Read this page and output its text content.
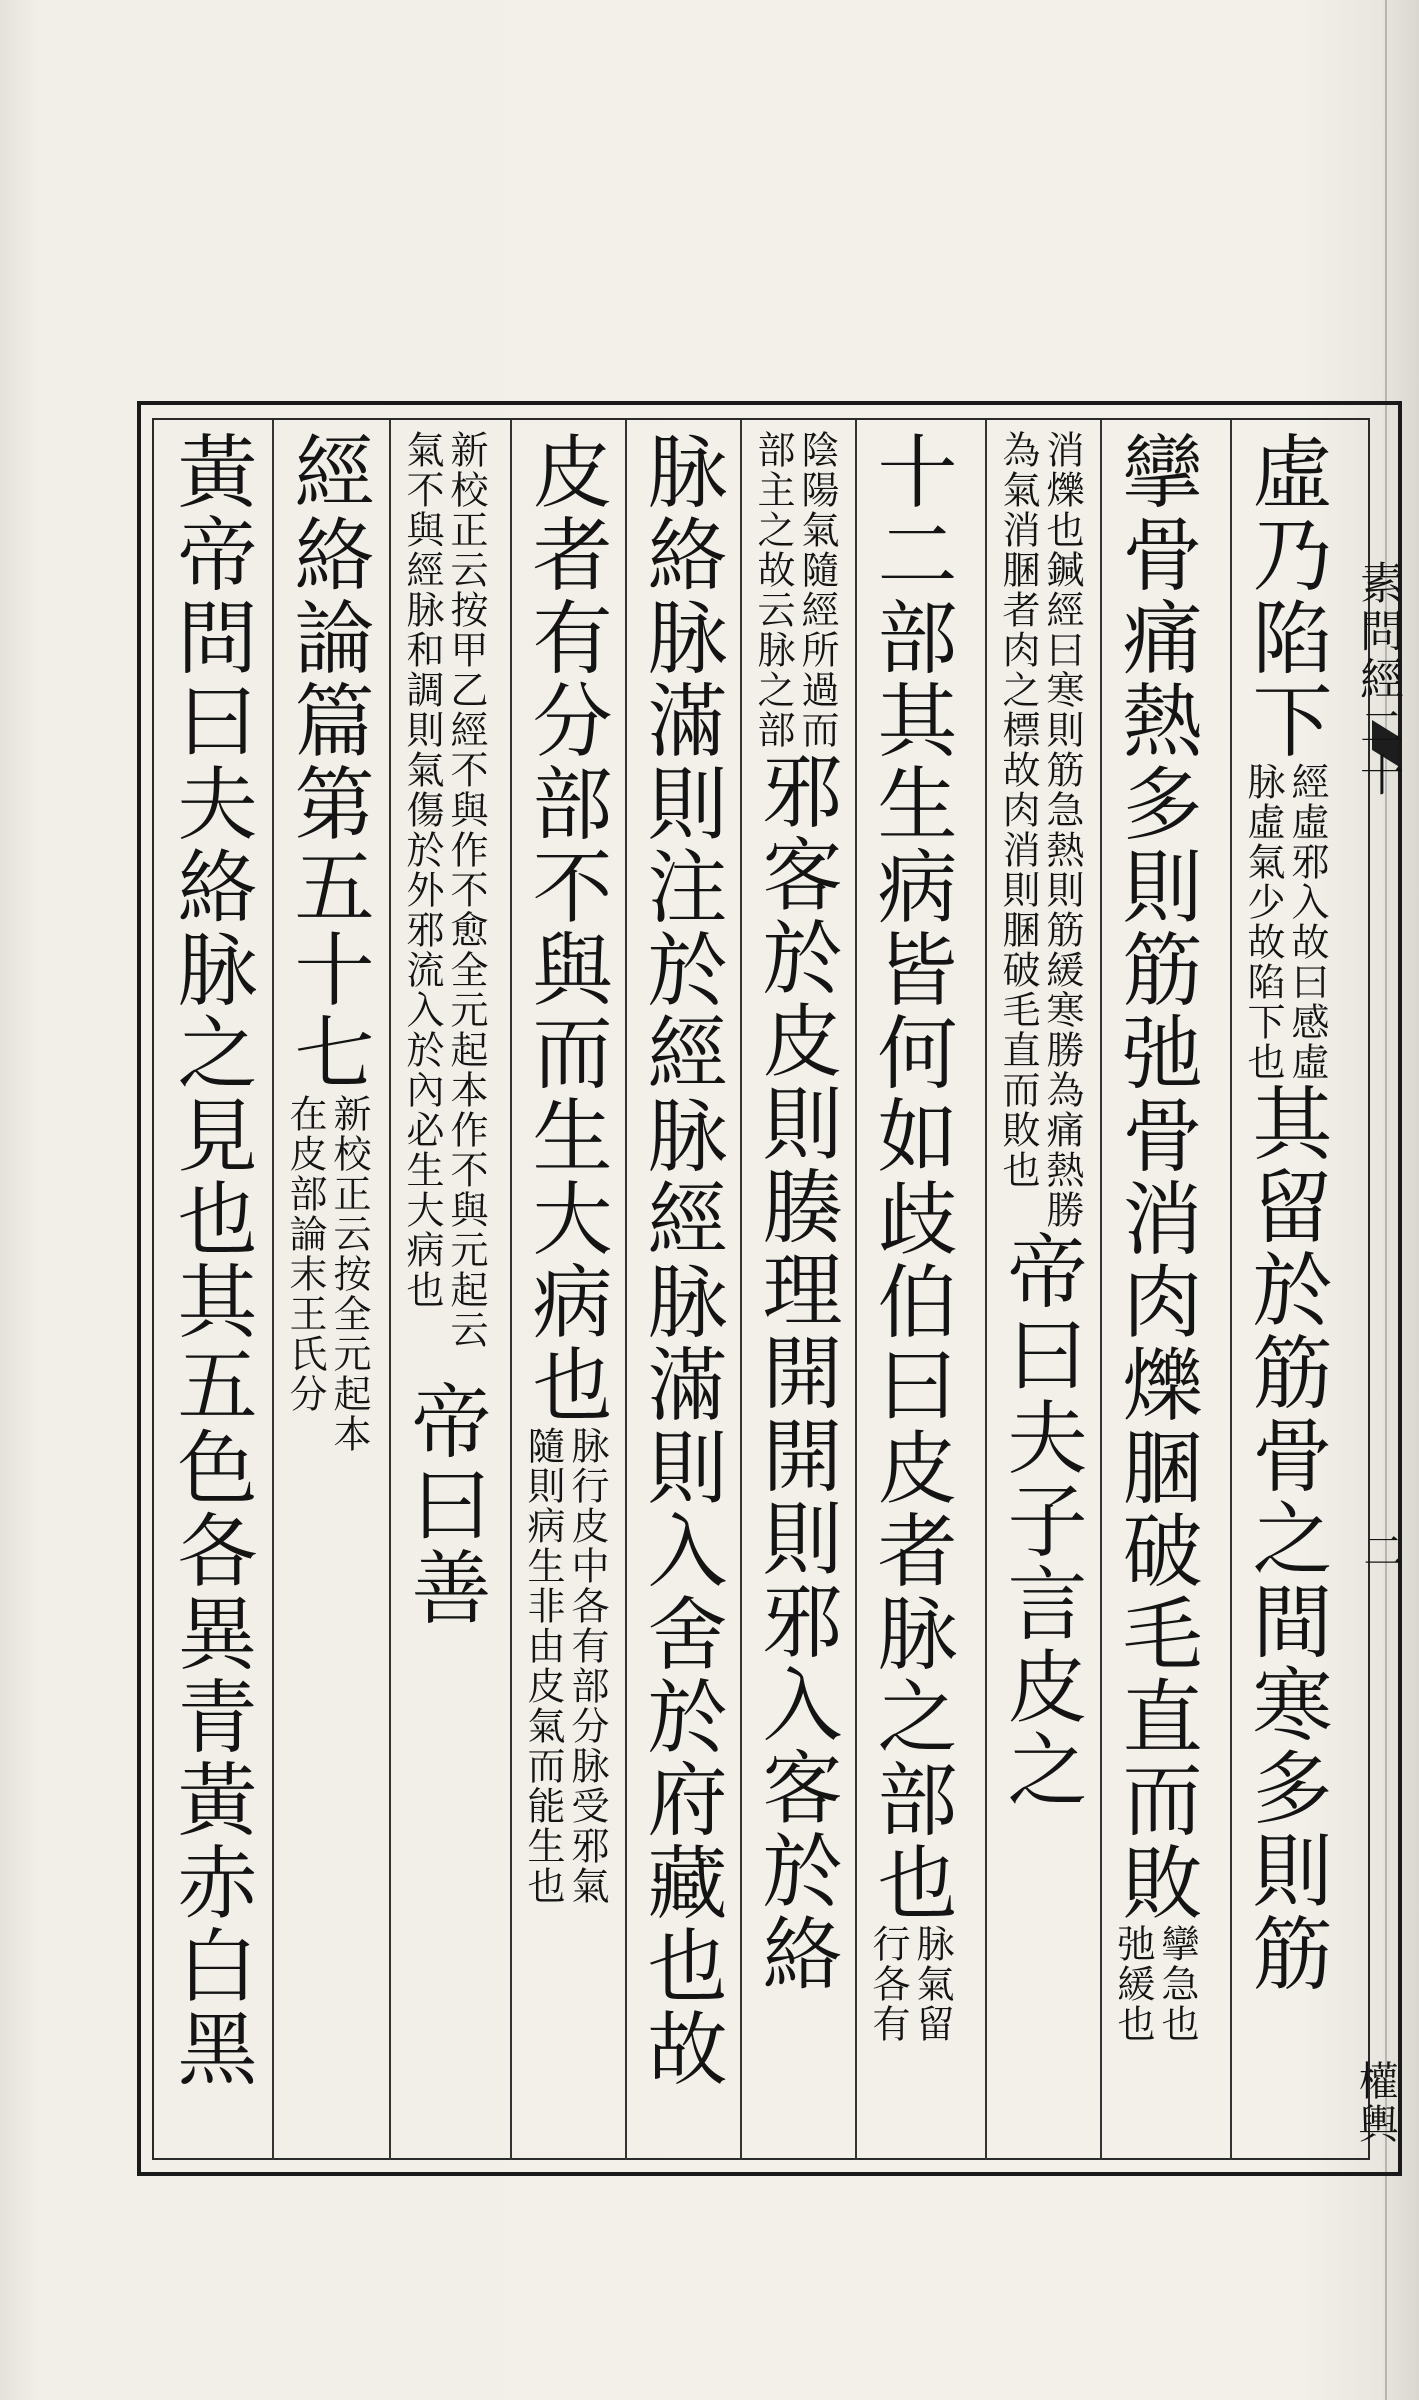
素問經二十
二
權輿
虛乃陷下
經虛邪入故曰感虛
脉虛氣少故陷下也
其留於筋骨之間寒多則筋
攣骨痛熱多則筋弛骨消肉爍䐃破毛直而敗
攣急也
弛緩也
消爍也鍼經曰寒則筋急熱則筋緩寒勝為痛熱勝
為氣消䐃者肉之標故肉消則䐃破毛直而敗也
帝曰夫子言皮之
十二部其生病皆何如歧伯曰皮者脉之部也
脉氣留
行各有
陰陽氣隨經所過而
部主之故云脉之部
邪客於皮則腠理開開則邪入客於絡
脉絡脉滿則注於經脉經脉滿則入舍於府藏也故
皮者有分部不與而生大病也
脉行皮中各有部分脉受邪氣
隨則病生非由皮氣而能生也
新校正云按甲乙經不與作不愈全元起本作不與元起云
氣不與經脉和調則氣傷於外邪流入於內必生大病也
帝曰善
經絡論篇第五十七
新校正云按全元起本
在皮部論末王氏分
黃帝問曰夫絡脉之見也其五色各異青黃赤白黑
